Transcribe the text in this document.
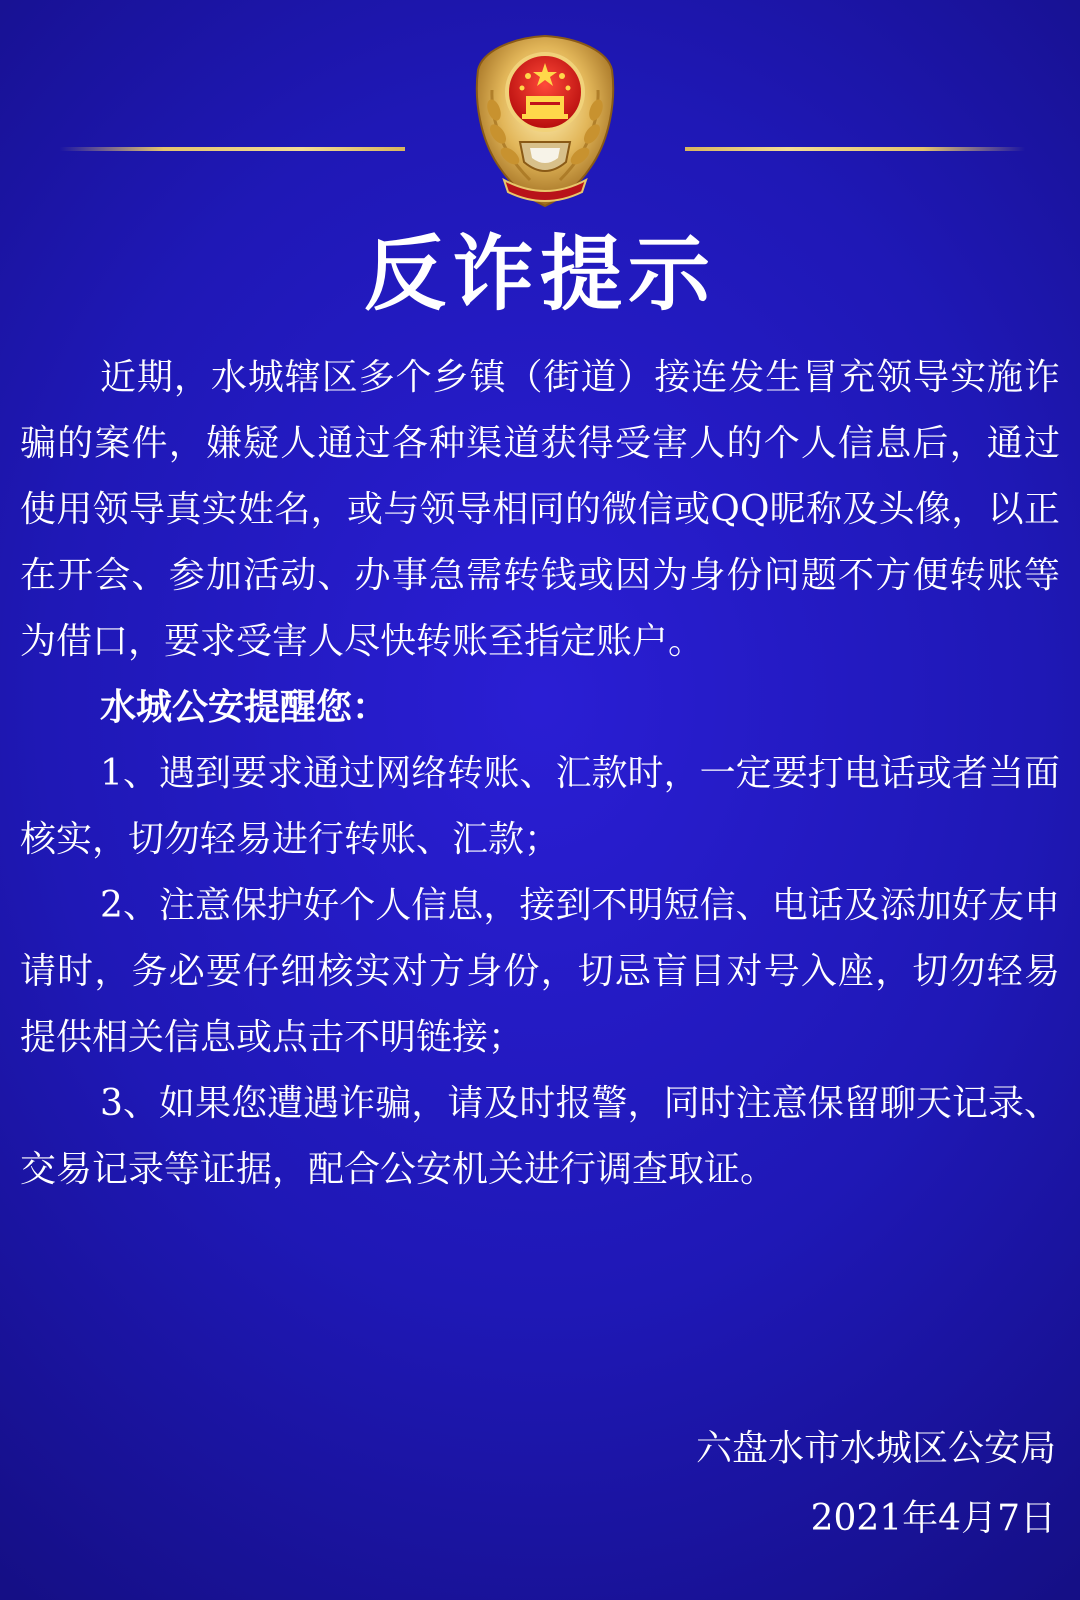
反诈提示

近期，水城辖区多个乡镇（街道）接连发生冒充领导实施诈骗的案件，嫌疑人通过各种渠道获得受害人的个人信息后，通过使用领导真实姓名，或与领导相同的微信或QQ昵称及头像，以正在开会、参加活动、办事急需转钱或因为身份问题不方便转账等为借口，要求受害人尽快转账至指定账户。

水城公安提醒您：

1、遇到要求通过网络转账、汇款时，一定要打电话或者当面核实，切勿轻易进行转账、汇款；

2、注意保护好个人信息，接到不明短信、电话及添加好友申请时，务必要仔细核实对方身份，切忌盲目对号入座，切勿轻易提供相关信息或点击不明链接；

3、如果您遭遇诈骗，请及时报警，同时注意保留聊天记录、交易记录等证据，配合公安机关进行调查取证。

六盘水市水城区公安局
2021年4月7日
